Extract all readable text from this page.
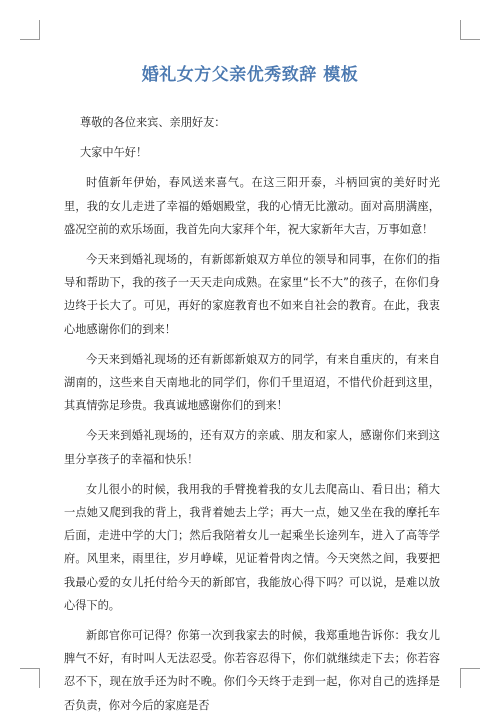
婚礼女方父亲优秀致辞 模板

尊敬的各位来宾、亲朋好友：

大家中午好！

时值新年伊始，春风送来喜气。在这三阳开泰，斗柄回寅的美好时光里，我的女儿走进了幸福的婚姻殿堂，我的心情无比激动。面对高朋满座，盛况空前的欢乐场面，我首先向大家拜个年，祝大家新年大吉，万事如意！

今天来到婚礼现场的，有新郎新娘双方单位的领导和同事，在你们的指导和帮助下，我的孩子一天天走向成熟。在家里“长不大”的孩子，在你们身边终于长大了。可见，再好的家庭教育也不如来自社会的教育。在此，我衷心地感谢你们的到来！

今天来到婚礼现场的还有新郎新娘双方的同学，有来自重庆的，有来自湖南的，这些来自天南地北的同学们，你们千里迢迢，不惜代价赶到这里，其真情弥足珍贵。我真诚地感谢你们的到来！

今天来到婚礼现场的，还有双方的亲戚、朋友和家人，感谢你们来到这里分享孩子的幸福和快乐！

女儿很小的时候，我用我的手臂挽着我的女儿去爬高山、看日出；稍大一点她又爬到我的背上，我背着她去上学；再大一点，她又坐在我的摩托车后面，走进中学的大门；然后我陪着女儿一起乘坐长途列车，进入了高等学府。风里来，雨里往，岁月峥嵘，见证着骨肉之情。今天突然之间，我要把我最心爱的女儿托付给今天的新郎官，我能放心得下吗？可以说，是难以放心得下的。

新郎官你可记得？你第一次到我家去的时候，我郑重地告诉你：我女儿脾气不好，有时叫人无法忍受。你若容忍得下，你们就继续走下去；你若容忍不下，现在放手还为时不晚。你们今天终于走到一起，你对自己的选择是否负责，你对今后的家庭是否
